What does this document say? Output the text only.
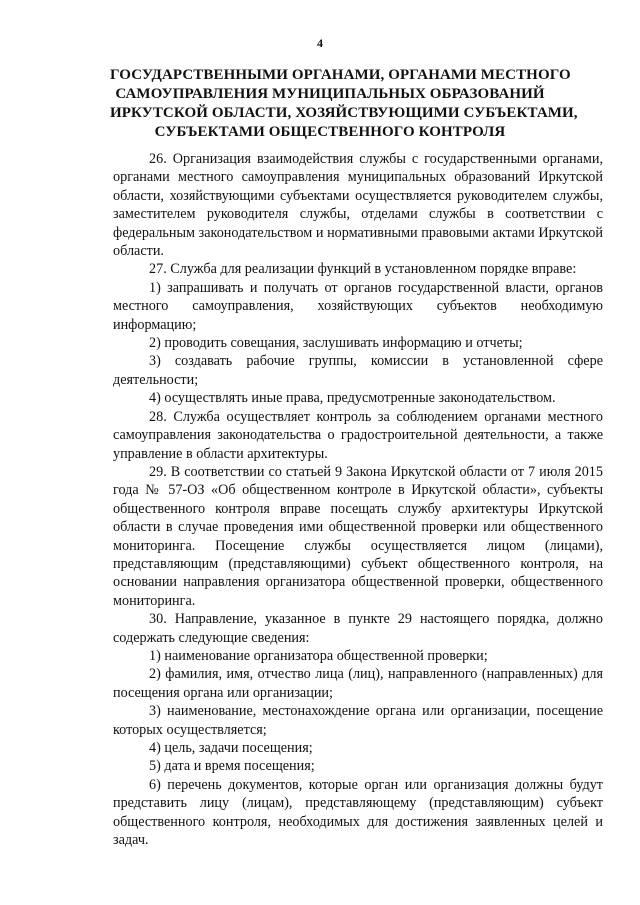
4
ГОСУДАРСТВЕННЫМИ ОРГАНАМИ, ОРГАНАМИ МЕСТНОГО
САМОУПРАВЛЕНИЯ МУНИЦИПАЛЬНЫХ ОБРАЗОВАНИЙ
ИРКУТСКОЙ ОБЛАСТИ, ХОЗЯЙСТВУЮЩИМИ СУБЪЕКТАМИ,
СУБЪЕКТАМИ ОБЩЕСТВЕННОГО КОНТРОЛЯ

26. Организация взаимодействия службы с государственными органами, органами местного самоуправления муниципальных образований Иркутской области, хозяйствующими субъектами осуществляется руководителем службы, заместителем руководителя службы, отделами службы в соответствии с федеральным законодательством и нормативными правовыми актами Иркутской области.

27. Служба для реализации функций в установленном порядке вправе:

1) запрашивать и получать от органов государственной власти, органов местного самоуправления, хозяйствующих субъектов необходимую информацию;

2) проводить совещания, заслушивать информацию и отчеты;

3) создавать рабочие группы, комиссии в установленной сфере деятельности;

4) осуществлять иные права, предусмотренные законодательством.

28. Служба осуществляет контроль за соблюдением органами местного самоуправления законодательства о градостроительной деятельности, а также управление в области архитектуры.

29. В соответствии со статьей 9 Закона Иркутской области от 7 июля 2015 года № 57-ОЗ «Об общественном контроле в Иркутской области», субъекты общественного контроля вправе посещать службу архитектуры Иркутской области в случае проведения ими общественной проверки или общественного мониторинга. Посещение службы осуществляется лицом (лицами), представляющим (представляющими) субъект общественного контроля, на основании направления организатора общественной проверки, общественного мониторинга.

30. Направление, указанное в пункте 29 настоящего порядка, должно содержать следующие сведения:

1) наименование организатора общественной проверки;

2) фамилия, имя, отчество лица (лиц), направленного (направленных) для посещения органа или организации;

3) наименование, местонахождение органа или организации, посещение которых осуществляется;

4) цель, задачи посещения;

5) дата и время посещения;

6) перечень документов, которые орган или организация должны будут представить лицу (лицам), представляющему (представляющим) субъект общественного контроля, необходимых для достижения заявленных целей и задач.
